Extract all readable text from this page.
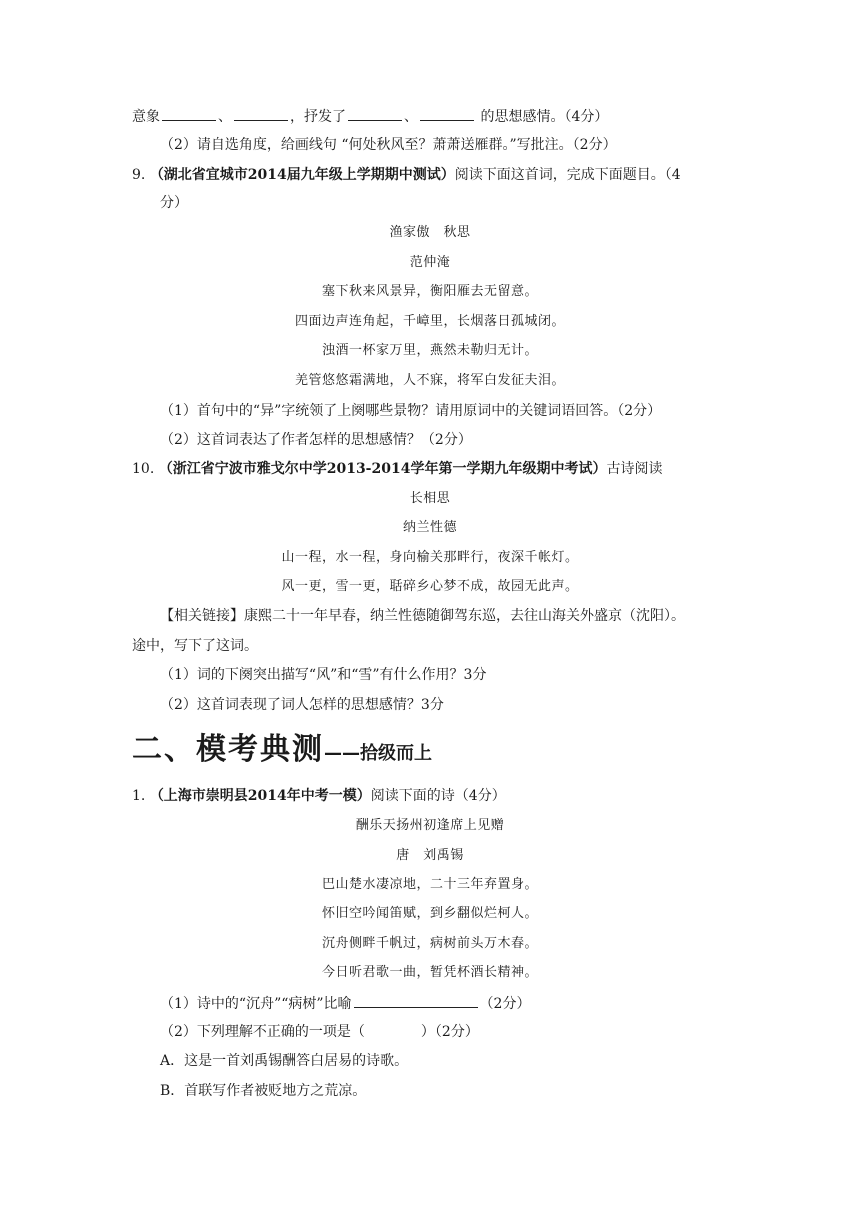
意象	、	，抒发了	、	的思想感情。（4分）
（2）请自选角度，给画线句 “何处秋风至？萧萧送雁群。”写批注。（2分）
9. （湖北省宜城市2014届九年级上学期期中测试）阅读下面这首词，完成下面题目。（4
分）
渔家傲　秋思
范仲淹
塞下秋来风景异，衡阳雁去无留意。
四面边声连角起，千嶂里，长烟落日孤城闭。
浊酒一杯家万里，燕然未勒归无计。
羌管悠悠霜满地，人不寐，将军白发征夫泪。
（1）首句中的“异”字统领了上阕哪些景物？请用原词中的关键词语回答。（2分）
（2）这首词表达了作者怎样的思想感情？（2分）
10. （浙江省宁波市雅戈尔中学2013-2014学年第一学期九年级期中考试）古诗阅读
长相思
纳兰性德
山一程，水一程，身向榆关那畔行，夜深千帐灯。
风一更，雪一更，聒碎乡心梦不成，故园无此声。
【相关链接】康熙二十一年早春，纳兰性德随御驾东巡，去往山海关外盛京（沈阳）。
途中，写下了这词。
（1）词的下阕突出描写“风”和“雪”有什么作用？3分
（2）这首词表现了词人怎样的思想感情？3分
二、模考典测——拾级而上
1. （上海市崇明县2014年中考一模）阅读下面的诗（4分）
酬乐天扬州初逢席上见赠
唐　刘禹锡
巴山楚水凄凉地，二十三年弃置身。
怀旧空吟闻笛赋，到乡翻似烂柯人。
沉舟侧畔千帆过，病树前头万木春。
今日听君歌一曲，暂凭杯酒长精神。
（1）诗中的“沉舟”“病树”比喻	（2分）
（2）下列理解不正确的一项是（　　　　）（2分）
A．这是一首刘禹锡酬答白居易的诗歌。
B．首联写作者被贬地方之荒凉。
